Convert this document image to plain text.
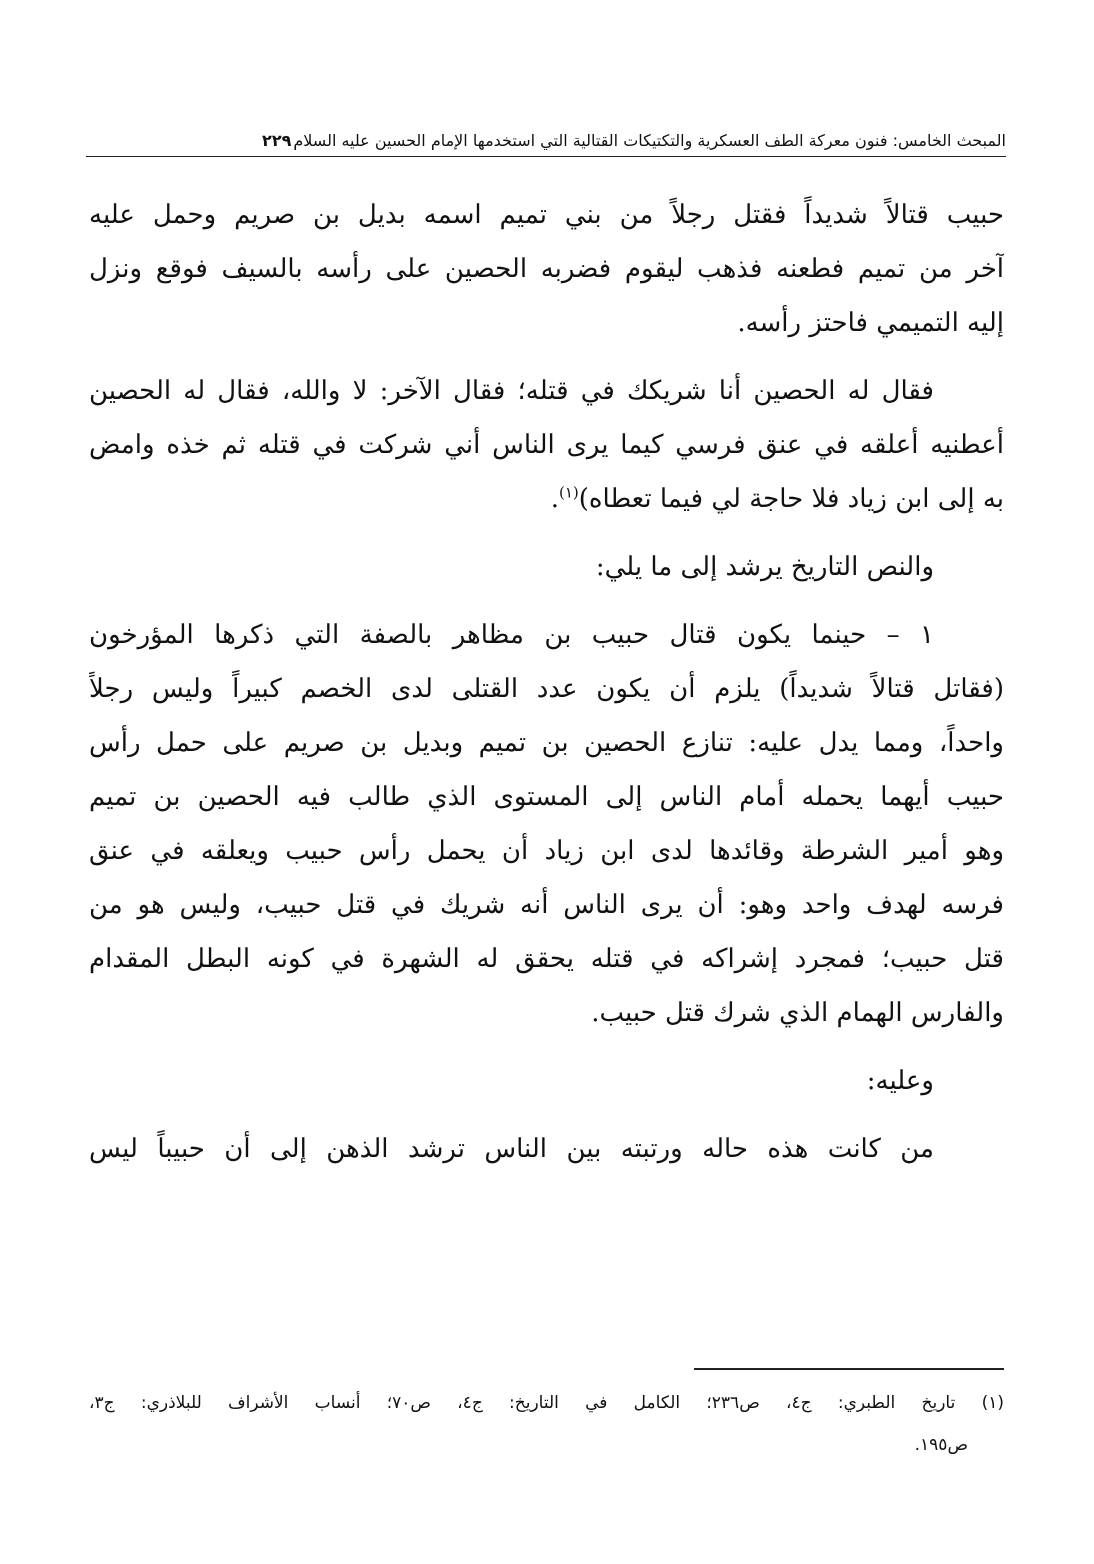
المبحث الخامس: فنون معركة الطف العسكرية والتكتيكات القتالية التي استخدمها الإمام الحسين عليه السلام٢٢٩
حبيب قتالاً شديداً فقتل رجلاً من بني تميم اسمه بديل بن صريم وحمل عليه
آخر من تميم فطعنه فذهب ليقوم فضربه الحصين على رأسه بالسيف فوقع ونزل
إليه التميمي فاحتز رأسه.
فقال له الحصين أنا شريكك في قتله؛ فقال الآخر: لا والله، فقال له الحصين
أعطنيه أعلقه في عنق فرسي كيما يرى الناس أني شركت في قتله ثم خذه وامض
به إلى ابن زياد فلا حاجة لي فيما تعطاه)$^{(١)}$.
والنص التاريخ يرشد إلى ما يلي:
١ – حينما يكون قتال حبيب بن مظاهر بالصفة التي ذكرها المؤرخون
(فقاتل قتالاً شديداً) يلزم أن يكون عدد القتلى لدى الخصم كبيراً وليس رجلاً
واحداً، ومما يدل عليه: تنازع الحصين بن تميم وبديل بن صريم على حمل رأس
حبيب أيهما يحمله أمام الناس إلى المستوى الذي طالب فيه الحصين بن تميم
وهو أمير الشرطة وقائدها لدى ابن زياد أن يحمل رأس حبيب ويعلقه في عنق
فرسه لهدف واحد وهو: أن يرى الناس أنه شريك في قتل حبيب، وليس هو من
قتل حبيب؛ فمجرد إشراكه في قتله يحقق له الشهرة في كونه البطل المقدام
والفارس الهمام الذي شرك قتل حبيب.
وعليه:
من كانت هذه حاله ورتبته بين الناس ترشد الذهن إلى أن حبيباً ليس
(١) تاريخ الطبري: ج٤، ص٢٣٦؛ الكامل في التاريخ: ج٤، ص٧٠؛ أنساب الأشراف للبلاذري: ج٣،
ص١٩٥.
